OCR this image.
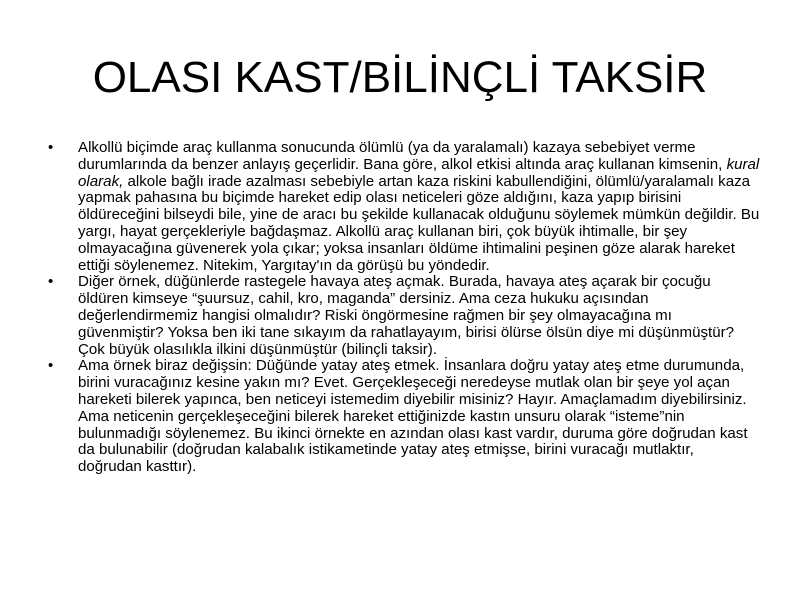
OLASI KAST/BİLİNÇLİ TAKSİR
•	Alkollü biçimde araç kullanma sonucunda ölümlü (ya da yaralamalı) kazaya sebebiyet verme durumlarında da benzer anlayış geçerlidir. Bana göre, alkol etkisi altında araç kullanan kimsenin, kural olarak, alkole bağlı irade azalması sebebiyle artan kaza riskini kabullendiğini, ölümlü/yaralamalı kaza yapmak pahasına bu biçimde hareket edip olası neticeleri göze aldığını, kaza yapıp birisini öldüreceğini bilseydi bile, yine de aracı bu şekilde kullanacak olduğunu söylemek mümkün değildir. Bu yargı, hayat gerçekleriyle bağdaşmaz. Alkollü araç kullanan biri, çok büyük ihtimalle, bir şey olmayacağına güvenerek yola çıkar; yoksa insanları öldüme ihtimalini peşinen göze alarak hareket ettiği söylenemez. Nitekim, Yargıtay'ın da görüşü bu yöndedir.
•	Diğer örnek, düğünlerde rastegele havaya ateş açmak. Burada, havaya ateş açarak bir çocuğu öldüren kimseye “şuursuz, cahil, kro, maganda” dersiniz. Ama ceza hukuku açısından değerlendirmemiz hangisi olmalıdır? Riski öngörmesine rağmen bir şey olmayacağına mı güvenmiştir? Yoksa ben iki tane sıkayım da rahatlayayım, birisi ölürse ölsün diye mi düşünmüştür? Çok büyük olasılıkla ilkini düşünmüştür (bilinçli taksir).
•	Ama örnek biraz değişsin: Düğünde yatay ateş etmek. İnsanlara doğru yatay ateş etme durumunda, birini vuracağınız kesine yakın mı? Evet. Gerçekleşeceği neredeyse mutlak olan bir şeye yol açan hareketi bilerek yapınca, ben neticeyi istemedim diyebilir misiniz? Hayır. Amaçlamadım diyebilirsiniz. Ama neticenin gerçekleşeceğini bilerek hareket ettiğinizde kastın unsuru olarak “isteme”nin bulunmadığı söylenemez. Bu ikinci örnekte en azından olası kast vardır, duruma göre doğrudan kast da bulunabilir (doğrudan kalabalık istikametinde yatay ateş etmişse, birini vuracağı mutlaktır, doğrudan kasttır).
